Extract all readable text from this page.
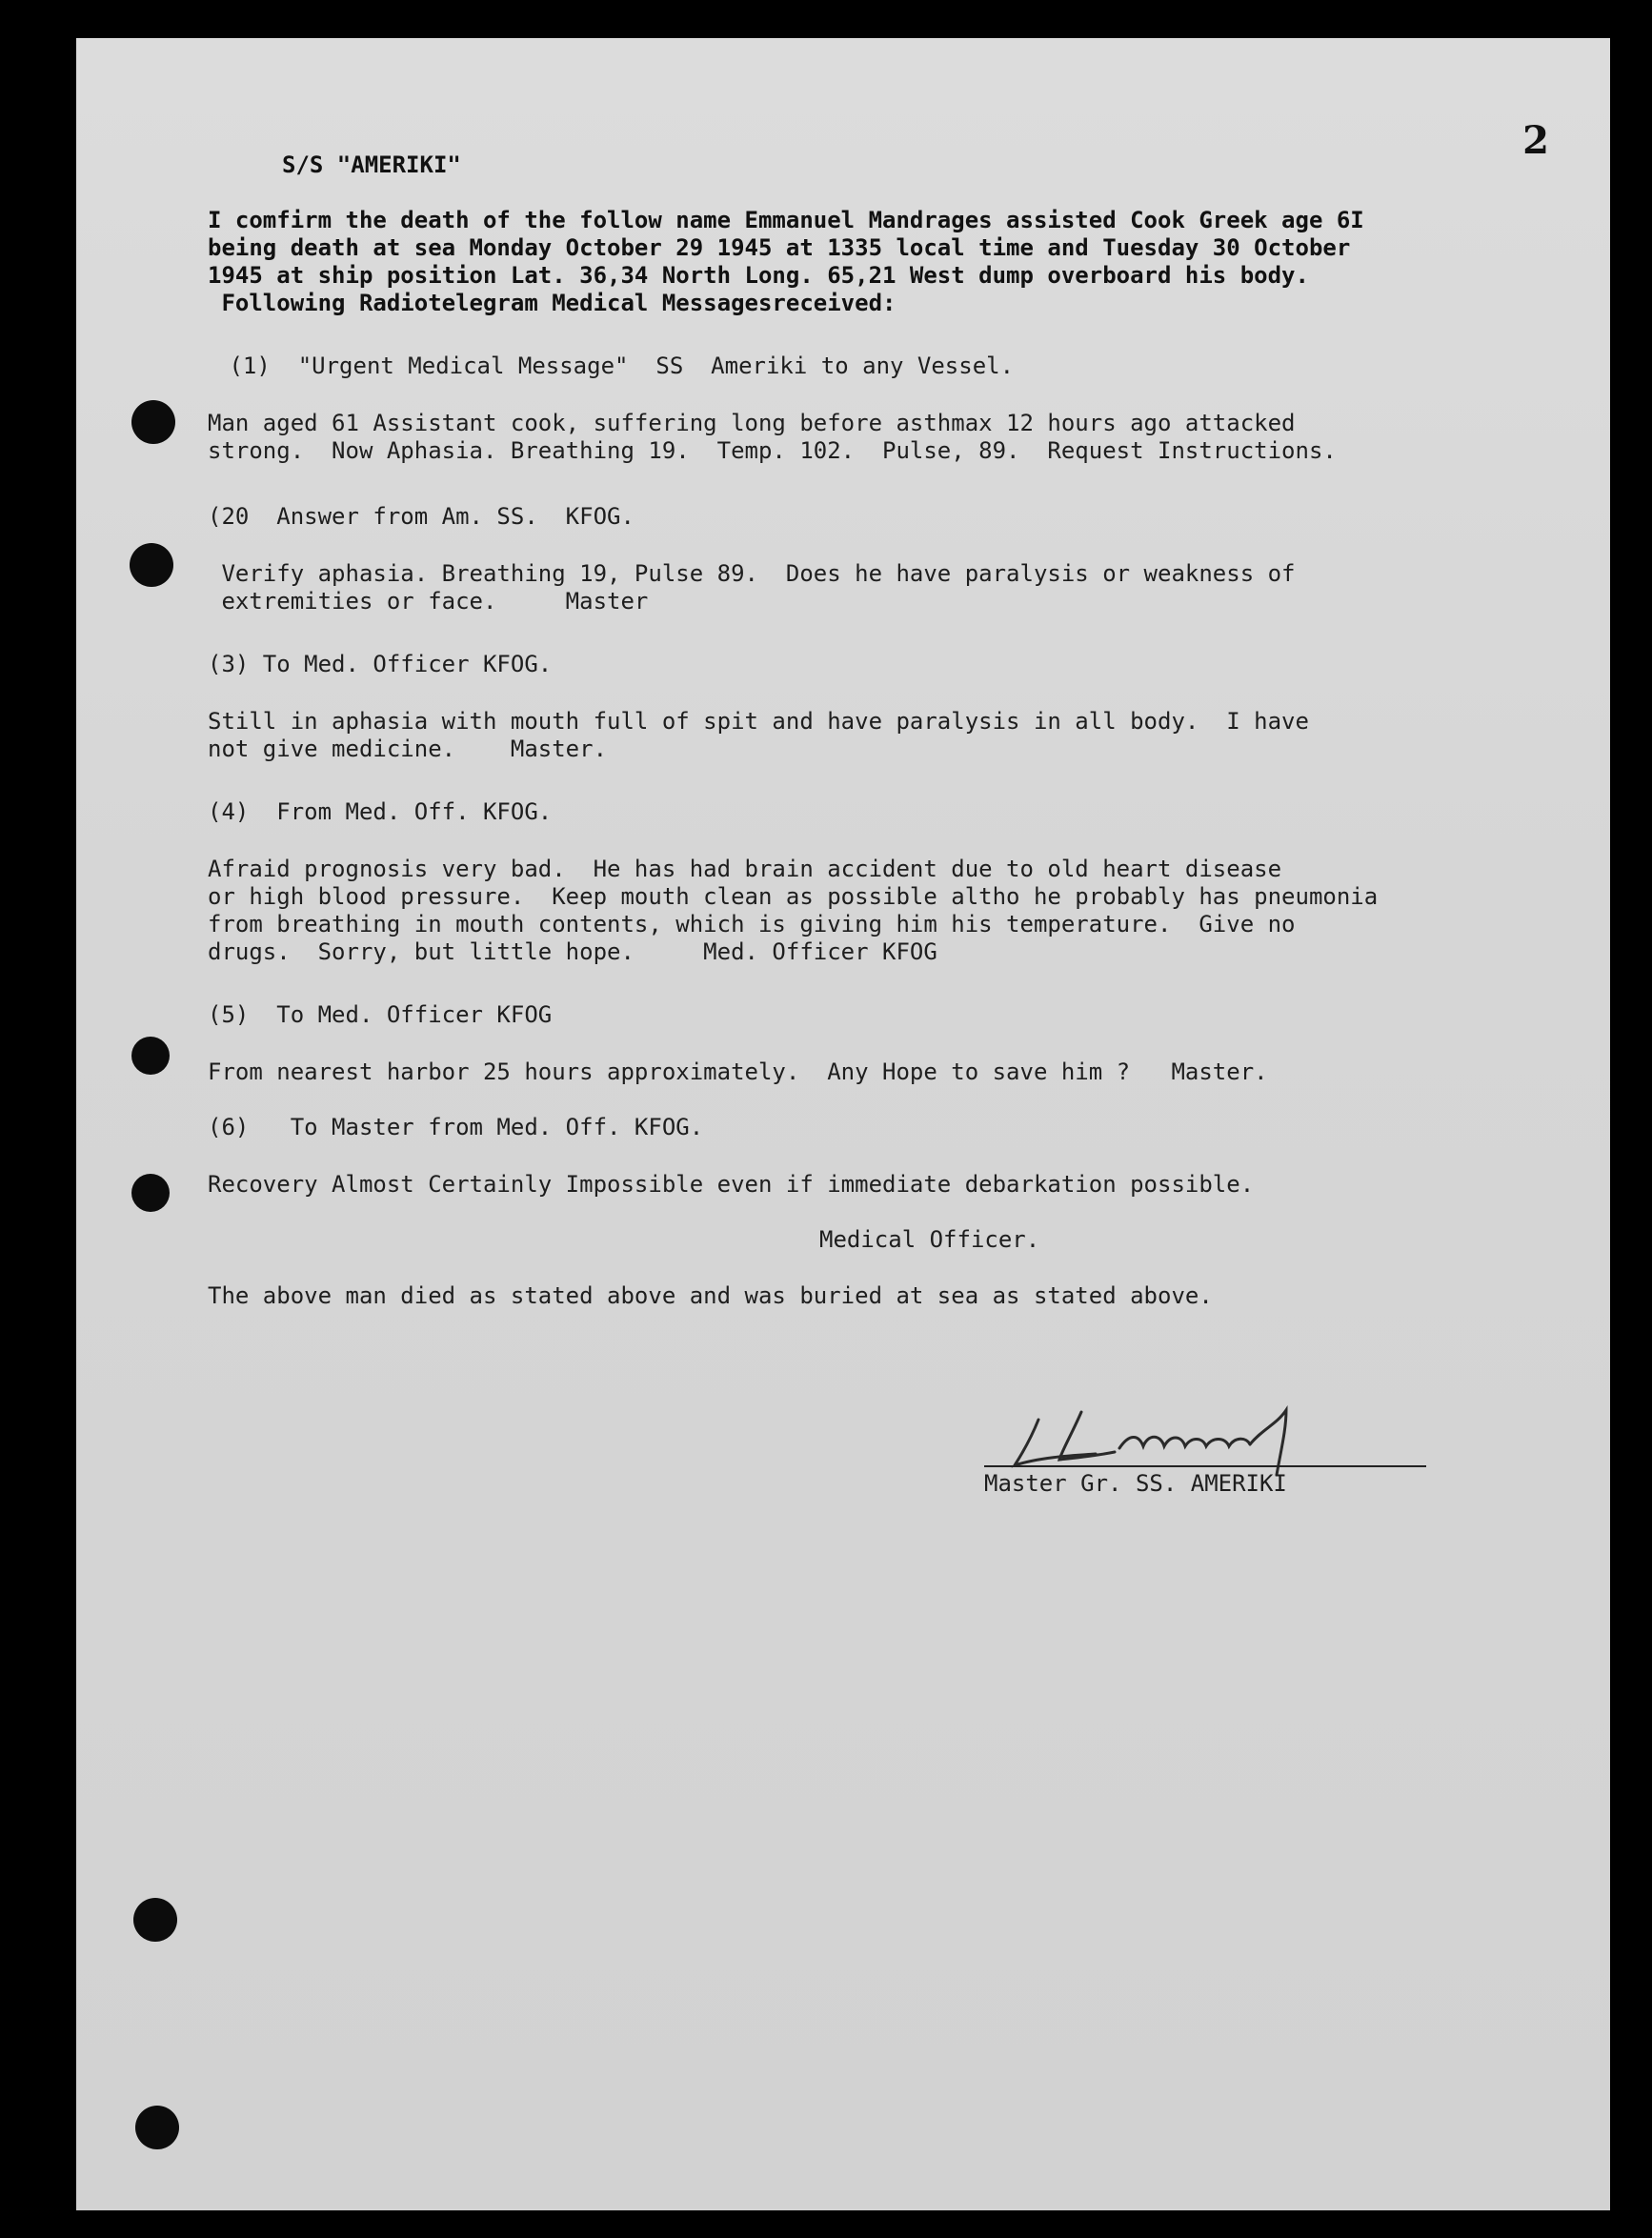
2
S/S "AMERIKI"
I comfirm the death of the follow name Emmanuel Mandrages assisted Cook Greek age 6I
being death at sea Monday October 29 1945 at 1335 local time and Tuesday 30 October
1945 at ship position Lat. 36,34 North Long. 65,21 West dump overboard his body.
Following Radiotelegram Medical Messagesreceived:
(1)  "Urgent Medical Message"  SS  Ameriki to any Vessel.
Man aged 61 Assistant cook, suffering long before asthmax 12 hours ago attacked
strong.  Now Aphasia. Breathing 19.  Temp. 102.  Pulse, 89.  Request Instructions.
(20  Answer from Am. SS.  KFOG.
Verify aphasia. Breathing 19, Pulse 89.  Does he have paralysis or weakness of
extremities or face.     Master
(3) To Med. Officer KFOG.
Still in aphasia with mouth full of spit and have paralysis in all body.  I have
not give medicine.    Master.
(4)  From Med. Off. KFOG.
Afraid prognosis very bad.  He has had brain accident due to old heart disease
or high blood pressure.  Keep mouth clean as possible altho he probably has pneumonia
from breathing in mouth contents, which is giving him his temperature.  Give no
drugs.  Sorry, but little hope.     Med. Officer KFOG
(5)  To Med. Officer KFOG
From nearest harbor 25 hours approximately.  Any Hope to save him ?   Master.
(6)   To Master from Med. Off. KFOG.
Recovery Almost Certainly Impossible even if immediate debarkation possible.
Medical Officer.
The above man died as stated above and was buried at sea as stated above.
Master Gr. SS. AMERIKI
